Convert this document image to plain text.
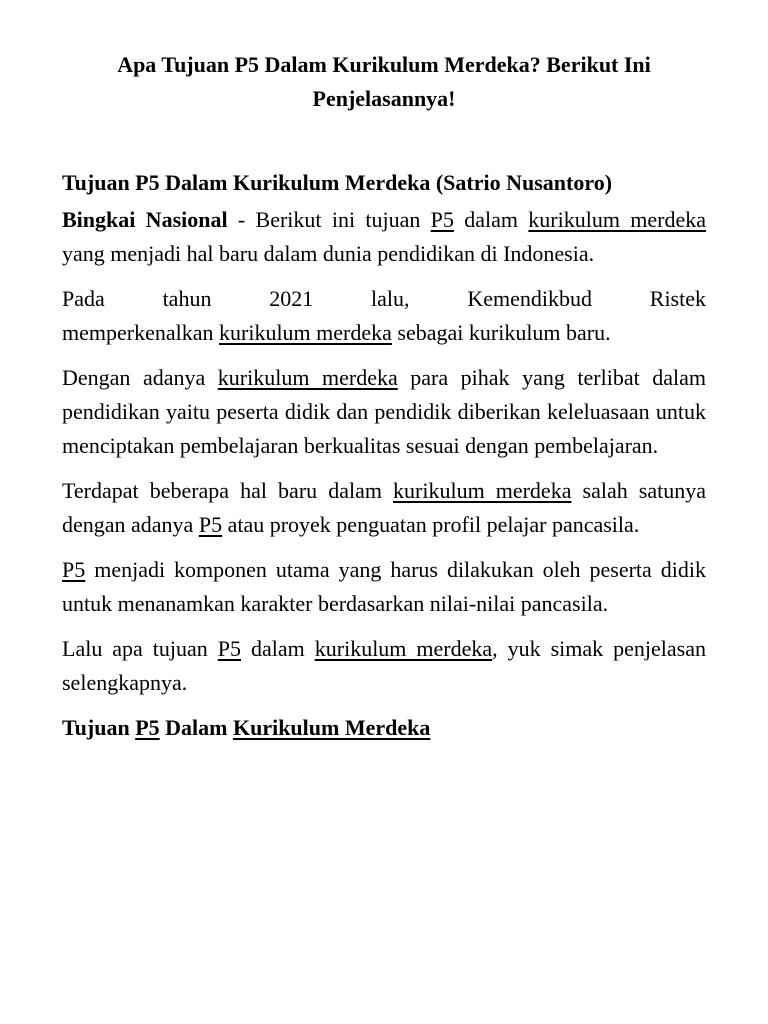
Apa Tujuan P5 Dalam Kurikulum Merdeka? Berikut Ini
Penjelasannya!
Tujuan P5 Dalam Kurikulum Merdeka (Satrio Nusantoro)

Bingkai Nasional - Berikut ini tujuan P5 dalam kurikulum merdeka yang menjadi hal baru dalam dunia pendidikan di Indonesia.

Pada tahun 2021 lalu, Kemendikbud Ristek
memperkenalkan kurikulum merdeka sebagai kurikulum baru.

Dengan adanya kurikulum merdeka para pihak yang terlibat dalam pendidikan yaitu peserta didik dan pendidik diberikan keleluasaan untuk menciptakan pembelajaran berkualitas sesuai dengan pembelajaran.

Terdapat beberapa hal baru dalam kurikulum merdeka salah satunya dengan adanya P5 atau proyek penguatan profil pelajar pancasila.

P5 menjadi komponen utama yang harus dilakukan oleh peserta didik untuk menanamkan karakter berdasarkan nilai-nilai pancasila.

Lalu apa tujuan P5 dalam kurikulum merdeka, yuk simak penjelasan selengkapnya.

Tujuan P5 Dalam Kurikulum Merdeka
